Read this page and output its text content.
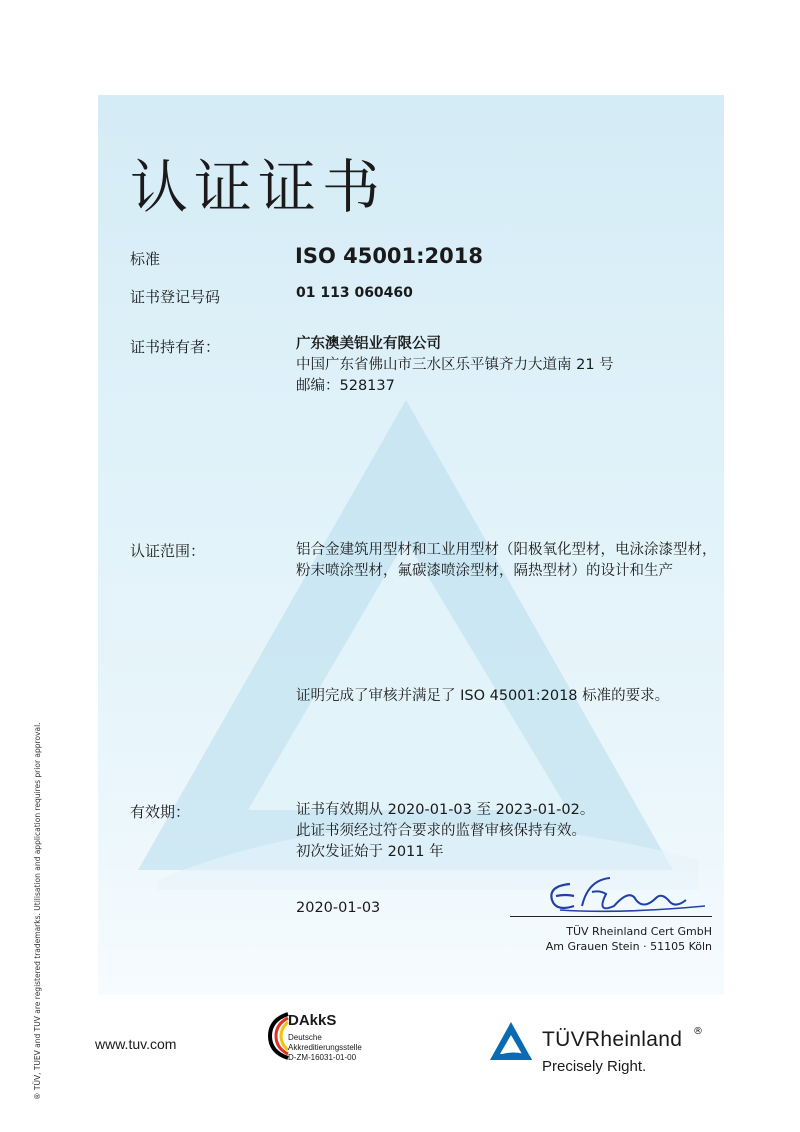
认证证书
标准	ISO 45001:2018
证书登记号码	01 113 060460
证书持有者：	广东澳美铝业有限公司
中国广东省佛山市三水区乐平镇齐力大道南 21 号
邮编：528137
认证范围：	铝合金建筑用型材和工业用型材（阳极氧化型材，电泳涂漆型材，
粉末喷涂型材，氟碳漆喷涂型材，隔热型材）的设计和生产
证明完成了审核并满足了 ISO 45001:2018 标准的要求。
有效期：	证书有效期从 2020-01-03 至 2023-01-02。
此证书须经过符合要求的监督审核保持有效。
初次发证始于 2011 年
2020-01-03
TÜV Rheinland Cert GmbH
Am Grauen Stein · 51105 Köln
www.tuv.com
DAkkS
Deutsche
Akkreditierungsstelle
D-ZM-16031-01-00
TÜVRheinland ®
Precisely Right.
® TÜV, TUEV and TUV are registered trademarks. Utilisation and application requires prior approval.
